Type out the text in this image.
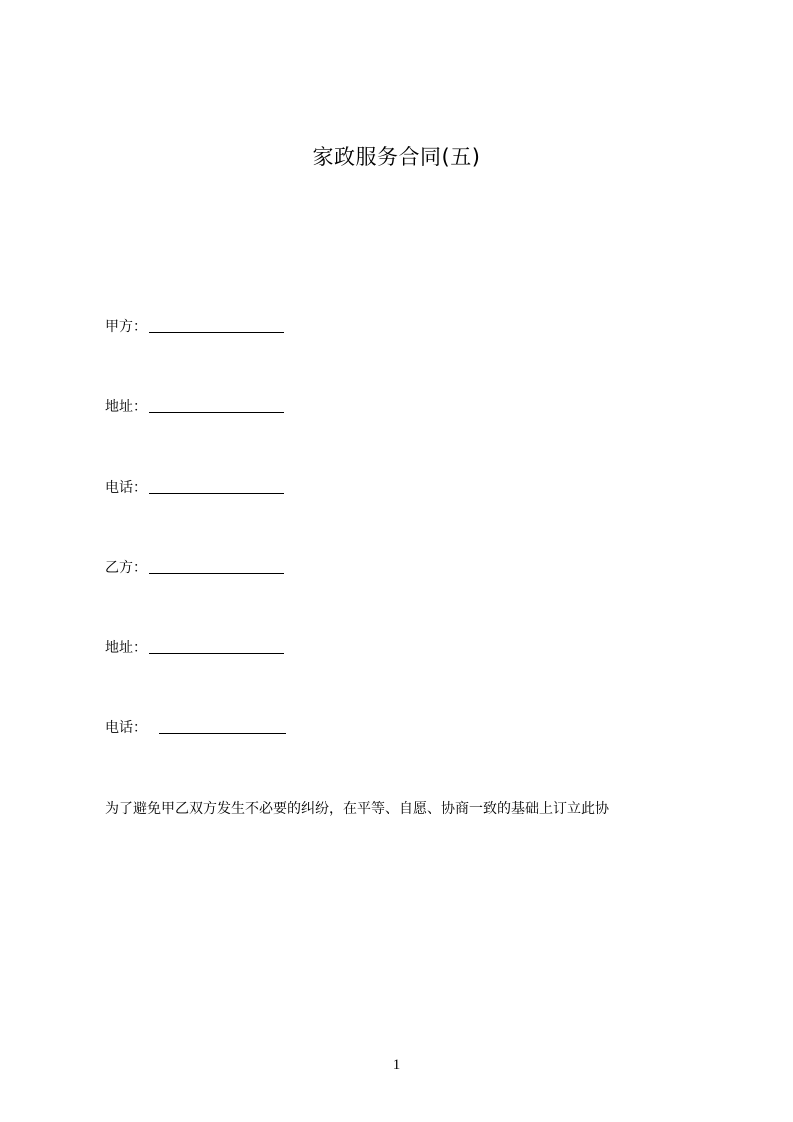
家政服务合同(五)
甲方：
地址：
电话：
乙方：
地址：
电话：
为了避免甲乙双方发生不必要的纠纷，在平等、自愿、协商一致的基础上订立此协
1
